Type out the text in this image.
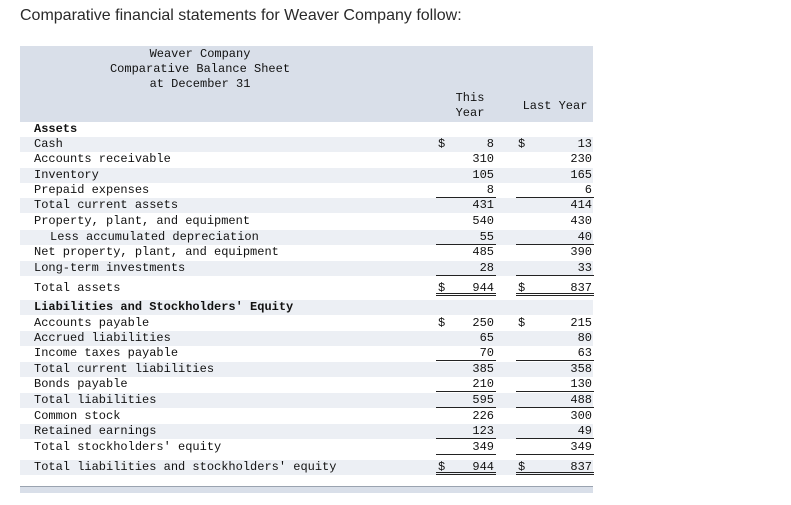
Comparative financial statements for Weaver Company follow:
Weaver Company
Comparative Balance Sheet
at December 31
This
Year	Last Year
Assets
Cash	$	8 $	13
Accounts receivable	310	230
Inventory	105	165
Prepaid expenses	8	6
Total current assets	431	414
Property, plant, and equipment	540	430
Less accumulated depreciation	55	40
Net property, plant, and equipment	485	390
Long-term investments	28	33
Total assets	$ 944 $	837
Liabilities and Stockholders' Equity
Accounts payable	$ 250 $	215
Accrued liabilities	65	80
Income taxes payable	70	63
Total current liabilities	385	358
Bonds payable	210	130
Total liabilities	595	488
Common stock	226	300
Retained earnings	123	49
Total stockholders' equity	349	349
Total liabilities and stockholders' equity	$ 944 $	837
